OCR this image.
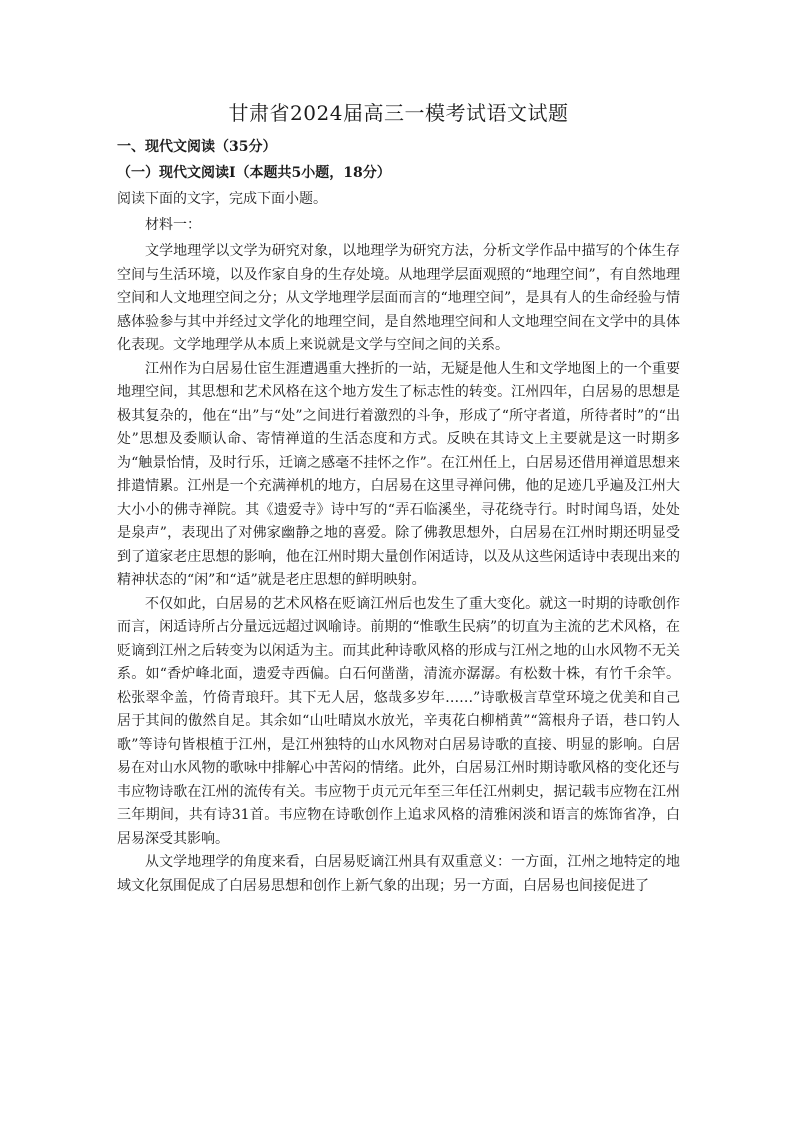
甘肃省2024届高三一模考试语文试题
一、现代文阅读（35分）
（一）现代文阅读Ⅰ（本题共5小题，18分）
阅读下面的文字，完成下面小题。
材料一：

文学地理学以文学为研究对象，以地理学为研究方法，分析文学作品中描写的个体生存空间与生活环境，以及作家自身的生存处境。从地理学层面观照的“地理空间”，有自然地理空间和人文地理空间之分；从文学地理学层面而言的“地理空间”，是具有人的生命经验与情感体验参与其中并经过文学化的地理空间，是自然地理空间和人文地理空间在文学中的具体化表现。文学地理学从本质上来说就是文学与空间之间的关系。

江州作为白居易仕宦生涯遭遇重大挫折的一站，无疑是他人生和文学地图上的一个重要地理空间，其思想和艺术风格在这个地方发生了标志性的转变。江州四年，白居易的思想是极其复杂的，他在“出”与“处”之间进行着激烈的斗争，形成了“所守者道，所待者时”的“出处”思想及委顺认命、寄情禅道的生活态度和方式。反映在其诗文上主要就是这一时期多为“触景怡情，及时行乐，迁谪之感毫不挂怀之作”。在江州任上，白居易还借用禅道思想来排遣情累。江州是一个充满禅机的地方，白居易在这里寻禅问佛，他的足迹几乎遍及江州大大小小的佛寺禅院。其《遗爱寺》诗中写的“弄石临溪坐，寻花绕寺行。时时闻鸟语，处处是泉声”，表现出了对佛家幽静之地的喜爱。除了佛教思想外，白居易在江州时期还明显受到了道家老庄思想的影响，他在江州时期大量创作闲适诗，以及从这些闲适诗中表现出来的精神状态的“闲”和“适”就是老庄思想的鲜明映射。

不仅如此，白居易的艺术风格在贬谪江州后也发生了重大变化。就这一时期的诗歌创作而言，闲适诗所占分量远远超过讽喻诗。前期的“惟歌生民病”的切直为主流的艺术风格，在贬谪到江州之后转变为以闲适为主。而其此种诗歌风格的形成与江州之地的山水风物不无关系。如“香炉峰北面，遗爱寺西偏。白石何凿凿，清流亦潺潺。有松数十株，有竹千余竿。松张翠伞盖，竹倚青琅玕。其下无人居，悠哉多岁年……”诗歌极言草堂环境之优美和自己居于其间的傲然自足。其余如“山吐晴岚水放光，辛夷花白柳梢黄”“篙根舟子语，巷口钓人歌”等诗句皆根植于江州，是江州独特的山水风物对白居易诗歌的直接、明显的影响。白居易在对山水风物的歌咏中排解心中苦闷的情绪。此外，白居易江州时期诗歌风格的变化还与韦应物诗歌在江州的流传有关。韦应物于贞元元年至三年任江州刺史，据记载韦应物在江州三年期间，共有诗31首。韦应物在诗歌创作上追求风格的清雅闲淡和语言的炼饰省净，白居易深受其影响。

从文学地理学的角度来看，白居易贬谪江州具有双重意义：一方面，江州之地特定的地域文化氛围促成了白居易思想和创作上新气象的出现；另一方面，白居易也间接促进了
